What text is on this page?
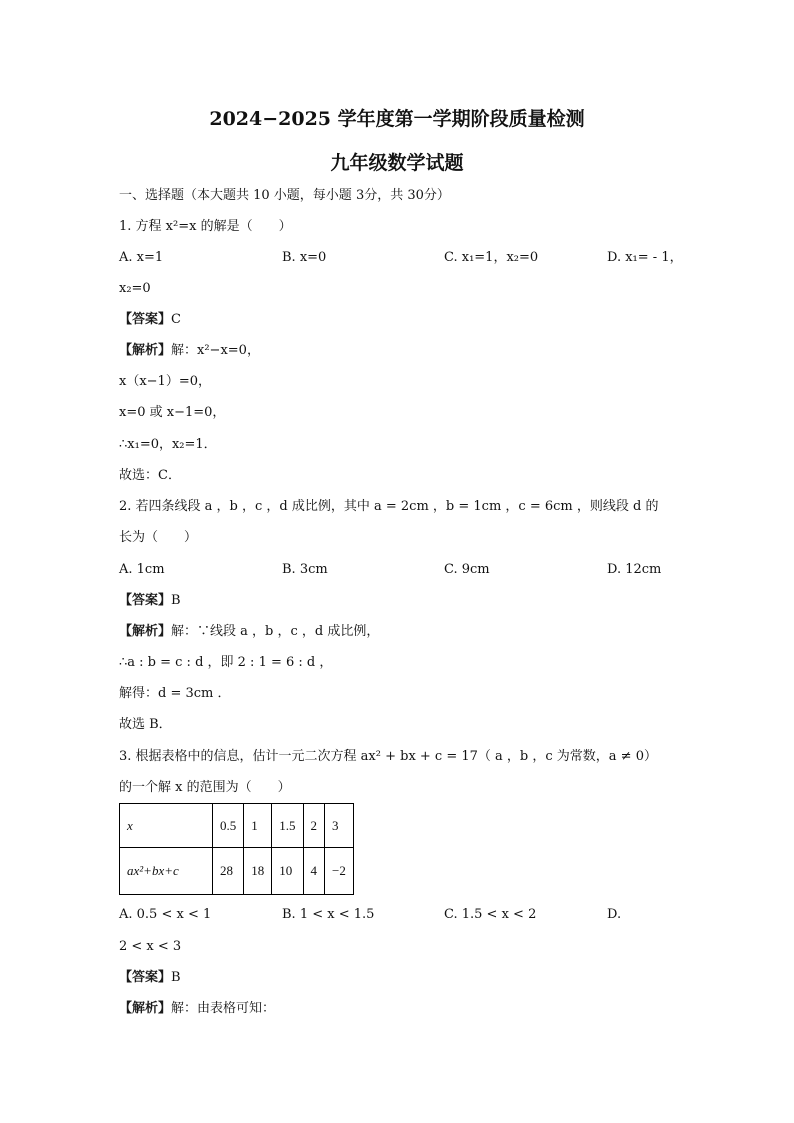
2024−2025 学年度第一学期阶段质量检测
九年级数学试题
一、选择题（本大题共 10 小题，每小题 3分，共 30分）
1. 方程 x²=x 的解是（　　）
A. x=1	B. x=0	C. x₁=1，x₂=0	D. x₁= - 1，
x₂=0
【答案】C
【解析】解：x²−x=0，
x（x−1）=0，
x=0 或 x−1=0，
∴x₁=0，x₂=1．
故选：C．
2. 若四条线段 a ，b ，c ，d 成比例，其中 a = 2cm ，b = 1cm ，c = 6cm ，则线段 d 的
长为（　　）
A. 1cm	B. 3cm	C. 9cm	D. 12cm
【答案】B
【解析】解：∵线段 a ，b ，c ，d 成比例，
∴a : b = c : d ，即 2 : 1 = 6 : d ，
解得：d = 3cm ．
故选 B．
3. 根据表格中的信息，估计一元二次方程 ax² + bx + c = 17（ a ，b ，c 为常数，a ≠ 0）
的一个解 x 的范围为（　　）
x	0.5	1	1.5	2	3
ax²+bx+c	28	18	10	4	−2
A. 0.5 < x < 1	B. 1 < x < 1.5	C. 1.5 < x < 2	D.
2 < x < 3
【答案】B
【解析】解：由表格可知：
